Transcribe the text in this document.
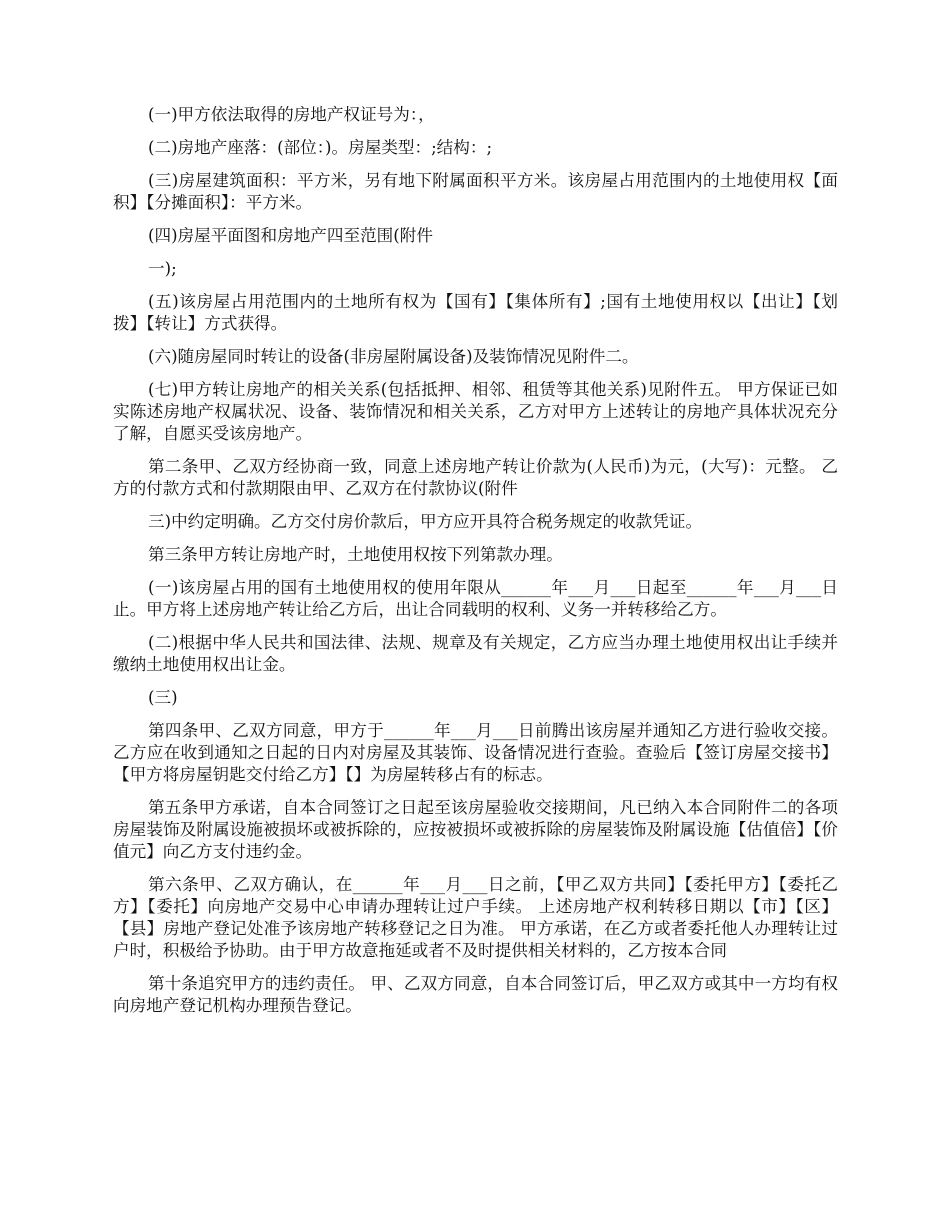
(一)甲方依法取得的房地产权证号为：，

(二)房地产座落：(部位：)。房屋类型：;结构：;

(三)房屋建筑面积：平方米，另有地下附属面积平方米。该房屋占用范围内的土地使用权【面积】【分摊面积】：平方米。

(四)房屋平面图和房地产四至范围(附件

一);

(五)该房屋占用范围内的土地所有权为【国有】【集体所有】;国有土地使用权以【出让】【划拨】【转让】方式获得。

(六)随房屋同时转让的设备(非房屋附属设备)及装饰情况见附件二。

(七)甲方转让房地产的相关关系(包括抵押、相邻、租赁等其他关系)见附件五。 甲方保证已如实陈述房地产权属状况、设备、装饰情况和相关关系，乙方对甲方上述转让的房地产具体状况充分了解，自愿买受该房地产。

第二条甲、乙双方经协商一致，同意上述房地产转让价款为(人民币)为元，(大写)：元整。 乙方的付款方式和付款期限由甲、乙双方在付款协议(附件

三)中约定明确。乙方交付房价款后，甲方应开具符合税务规定的收款凭证。

第三条甲方转让房地产时，土地使用权按下列第款办理。

(一)该房屋占用的国有土地使用权的使用年限从______年___月___日起至______年___月___日止。甲方将上述房地产转让给乙方后，出让合同载明的权利、义务一并转移给乙方。

(二)根据中华人民共和国法律、法规、规章及有关规定，乙方应当办理土地使用权出让手续并缴纳土地使用权出让金。

(三)

第四条甲、乙双方同意，甲方于______年___月___日前腾出该房屋并通知乙方进行验收交接。乙方应在收到通知之日起的日内对房屋及其装饰、设备情况进行查验。查验后【签订房屋交接书】【甲方将房屋钥匙交付给乙方】【】为房屋转移占有的标志。

第五条甲方承诺，自本合同签订之日起至该房屋验收交接期间，凡已纳入本合同附件二的各项房屋装饰及附属设施被损坏或被拆除的，应按被损坏或被拆除的房屋装饰及附属设施【估值倍】【价值元】向乙方支付违约金。

第六条甲、乙双方确认，在______年___月___日之前，【甲乙双方共同】【委托甲方】【委托乙方】【委托】向房地产交易中心申请办理转让过户手续。 上述房地产权利转移日期以【市】【区】【县】房地产登记处准予该房地产转移登记之日为准。 甲方承诺，在乙方或者委托他人办理转让过户时，积极给予协助。由于甲方故意拖延或者不及时提供相关材料的，乙方按本合同

第十条追究甲方的违约责任。 甲、乙双方同意，自本合同签订后，甲乙双方或其中一方均有权向房地产登记机构办理预告登记。
